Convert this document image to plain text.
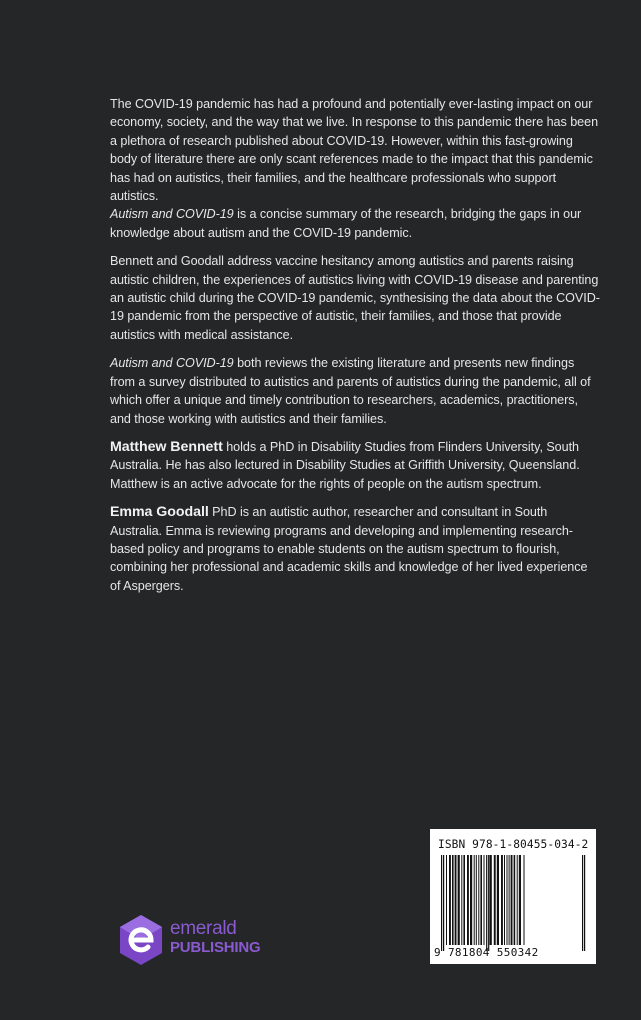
The COVID-19 pandemic has had a profound and potentially ever-lasting impact on our economy, society, and the way that we live. In response to this pandemic there has been a plethora of research published about COVID-19. However, within this fast-growing body of literature there are only scant references made to the impact that this pandemic has had on autistics, their families, and the healthcare professionals who support autistics.
Autism and COVID-19 is a concise summary of the research, bridging the gaps in our knowledge about autism and the COVID-19 pandemic.

Bennett and Goodall address vaccine hesitancy among autistics and parents raising autistic children, the experiences of autistics living with COVID-19 disease and parenting an autistic child during the COVID-19 pandemic, synthesising the data about the COVID-19 pandemic from the perspective of autistic, their families, and those that provide autistics with medical assistance.

Autism and COVID-19 both reviews the existing literature and presents new findings from a survey distributed to autistics and parents of autistics during the pandemic, all of which offer a unique and timely contribution to researchers, academics, practitioners, and those working with autistics and their families.

Matthew Bennett holds a PhD in Disability Studies from Flinders University, South Australia. He has also lectured in Disability Studies at Griffith University, Queensland. Matthew is an active advocate for the rights of people on the autism spectrum.

Emma Goodall PhD is an autistic author, researcher and consultant in South Australia. Emma is reviewing programs and developing and implementing research-based policy and programs to enable students on the autism spectrum to flourish, combining her professional and academic skills and knowledge of her lived experience of Aspergers.

emerald
PUBLISHING
ISBN 978-1-80455-034-2
9 781804 550342
